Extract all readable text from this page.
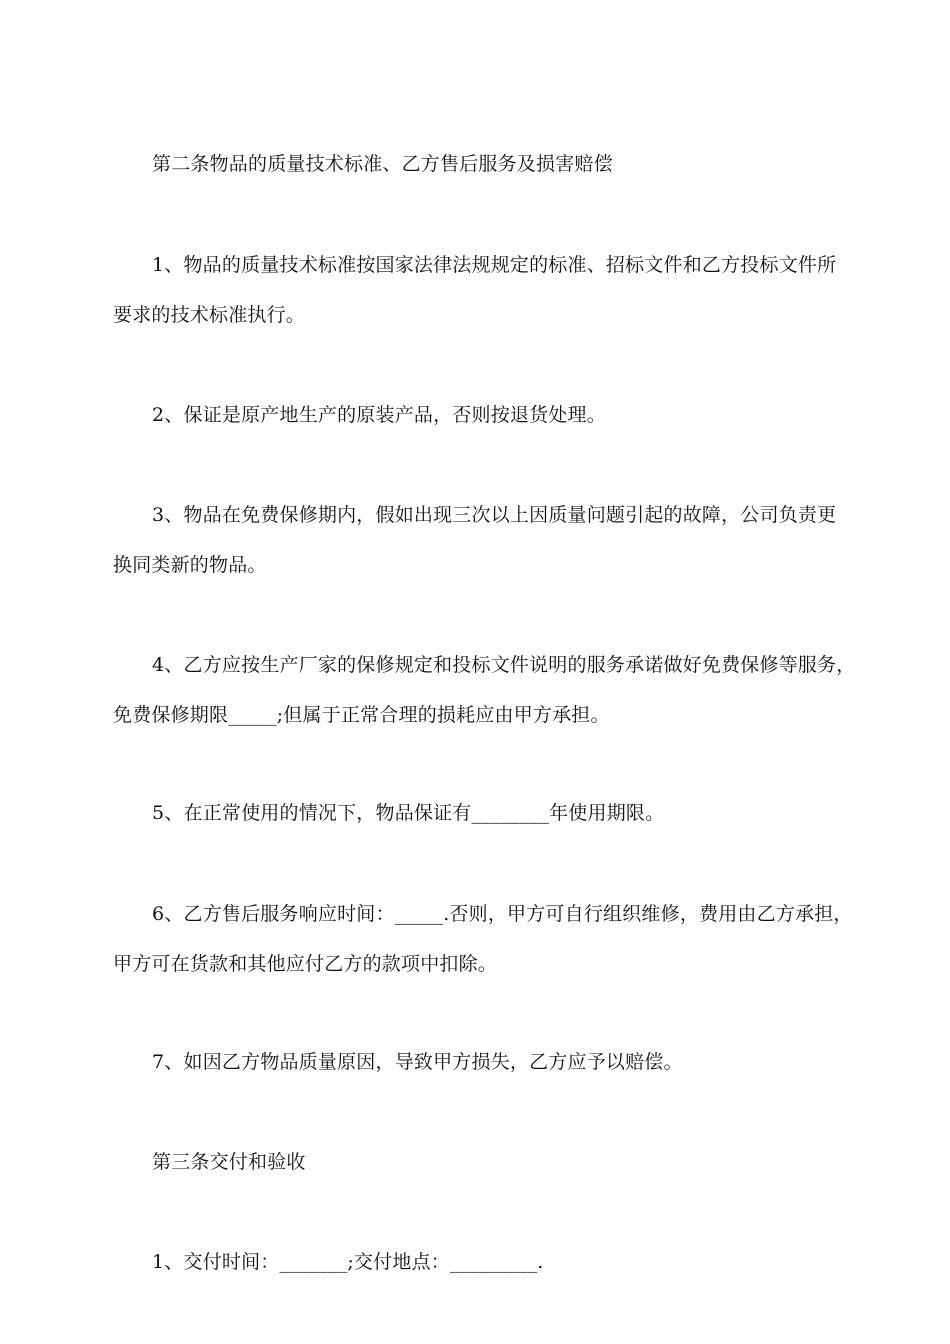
第二条物品的质量技术标准、乙方售后服务及损害赔偿
1、物品的质量技术标准按国家法律法规规定的标准、招标文件和乙方投标文件所
要求的技术标准执行。
2、保证是原产地生产的原装产品，否则按退货处理。
3、物品在免费保修期内，假如出现三次以上因质量问题引起的故障，公司负责更
换同类新的物品。
4、乙方应按生产厂家的保修规定和投标文件说明的服务承诺做好免费保修等服务，
免费保修期限_____;但属于正常合理的损耗应由甲方承担。
5、在正常使用的情况下，物品保证有________年使用期限。
6、乙方售后服务响应时间：_____.否则，甲方可自行组织维修，费用由乙方承担，
甲方可在货款和其他应付乙方的款项中扣除。
7、如因乙方物品质量原因，导致甲方损失，乙方应予以赔偿。
第三条交付和验收
1、交付时间：_______;交付地点：_________.
